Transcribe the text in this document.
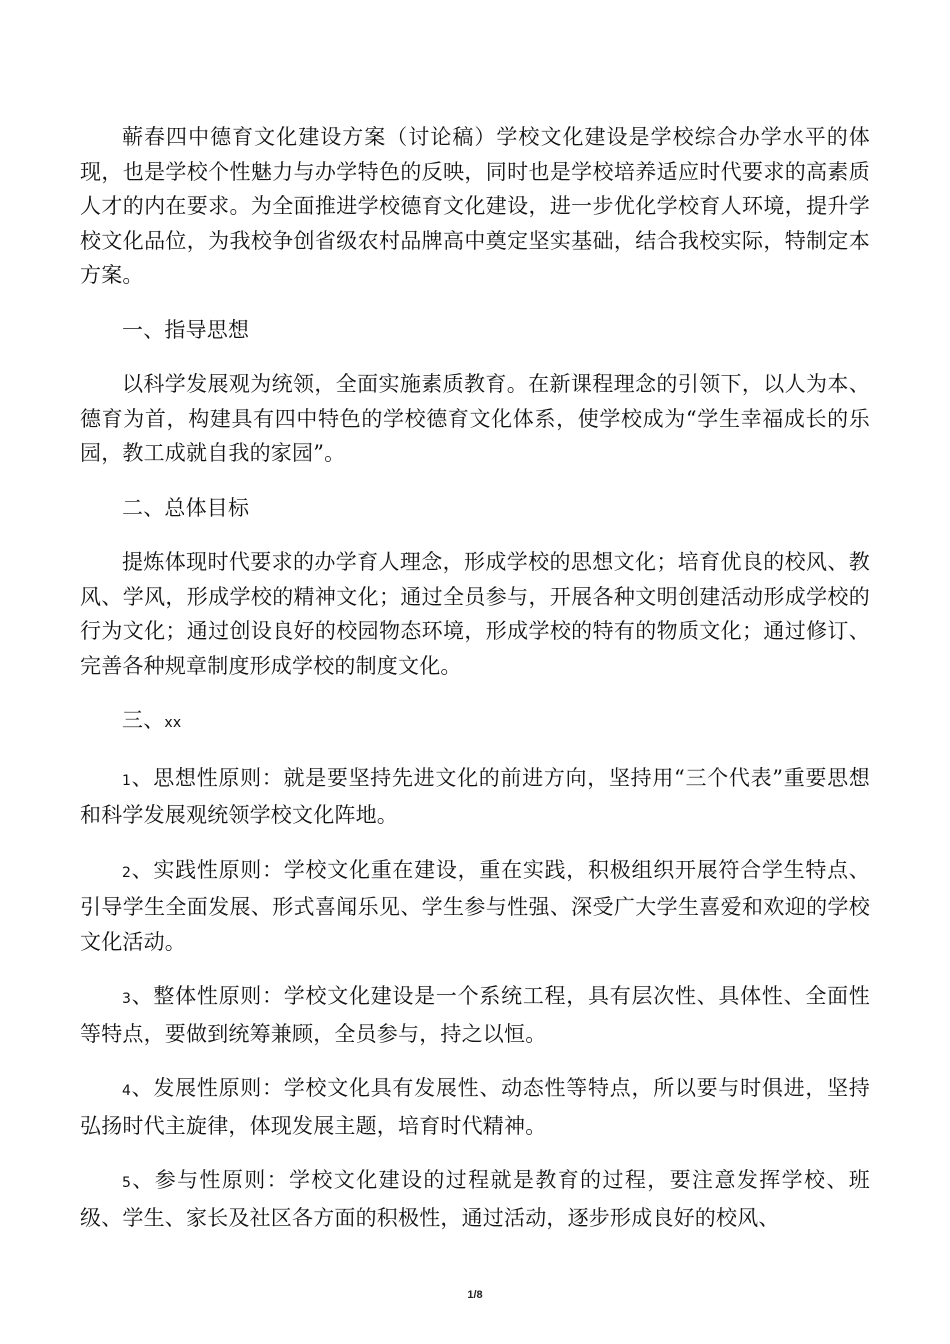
蕲春四中德育文化建设方案（讨论稿）学校文化建设是学校综合办学水平的体现，也是学校个性魅力与办学特色的反映，同时也是学校培养适应时代要求的高素质人才的内在要求。为全面推进学校德育文化建设，进一步优化学校育人环境，提升学校文化品位，为我校争创省级农村品牌高中奠定坚实基础，结合我校实际，特制定本方案。

一、指导思想

以科学发展观为统领，全面实施素质教育。在新课程理念的引领下，以人为本、德育为首，构建具有四中特色的学校德育文化体系，使学校成为“学生幸福成长的乐园，教工成就自我的家园”。

二、总体目标

提炼体现时代要求的办学育人理念，形成学校的思想文化；培育优良的校风、教风、学风，形成学校的精神文化；通过全员参与，开展各种文明创建活动形成学校的行为文化；通过创设良好的校园物态环境，形成学校的特有的物质文化；通过修订、完善各种规章制度形成学校的制度文化。

三、xx

1、思想性原则：就是要坚持先进文化的前进方向，坚持用“三个代表”重要思想和科学发展观统领学校文化阵地。

2、实践性原则：学校文化重在建设，重在实践，积极组织开展符合学生特点、引导学生全面发展、形式喜闻乐见、学生参与性强、深受广大学生喜爱和欢迎的学校文化活动。

3、整体性原则：学校文化建设是一个系统工程，具有层次性、具体性、全面性等特点，要做到统筹兼顾，全员参与，持之以恒。

4、发展性原则：学校文化具有发展性、动态性等特点，所以要与时俱进，坚持弘扬时代主旋律，体现发展主题，培育时代精神。

5、参与性原则：学校文化建设的过程就是教育的过程，要注意发挥学校、班级、学生、家长及社区各方面的积极性，通过活动，逐步形成良好的校风、

1/8
